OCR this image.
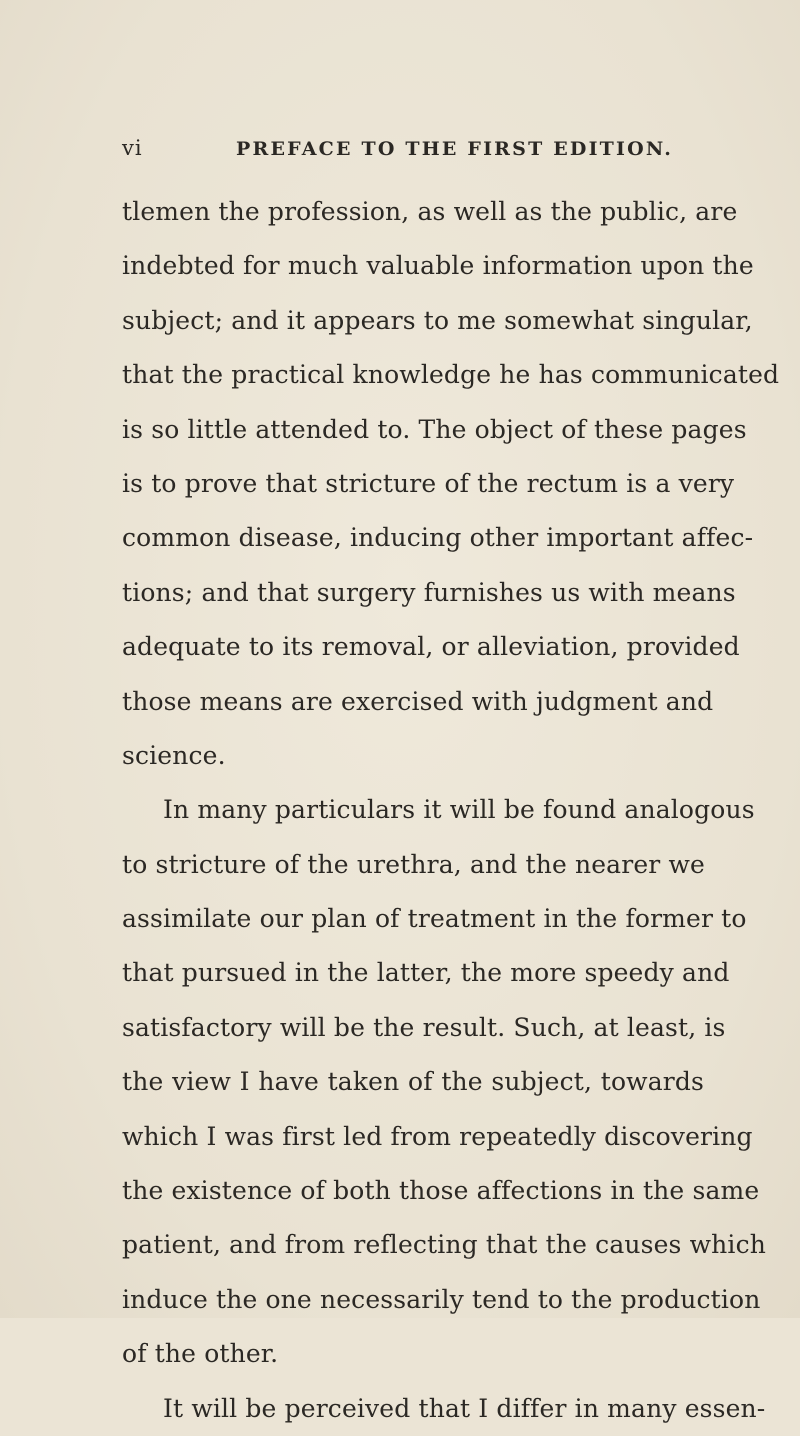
vi	PREFACE TO THE FIRST EDITION.
tlemen the profession, as well as the public, are
indebted for much valuable information upon the
subject; and it appears to me somewhat singular,
that the practical knowledge he has communicated
is so little attended to. The object of these pages
is to prove that stricture of the rectum is a very
common disease, inducing other important affec-
tions; and that surgery furnishes us with means
adequate to its removal, or alleviation, provided
those means are exercised with judgment and
science.
In many particulars it will be found analogous
to stricture of the urethra, and the nearer we
assimilate our plan of treatment in the former to
that pursued in the latter, the more speedy and
satisfactory will be the result. Such, at least, is
the view I have taken of the subject, towards
which I was first led from repeatedly discovering
the existence of both those affections in the same
patient, and from reflecting that the causes which
induce the one necessarily tend to the production
of the other.
It will be perceived that I differ in many essen-
